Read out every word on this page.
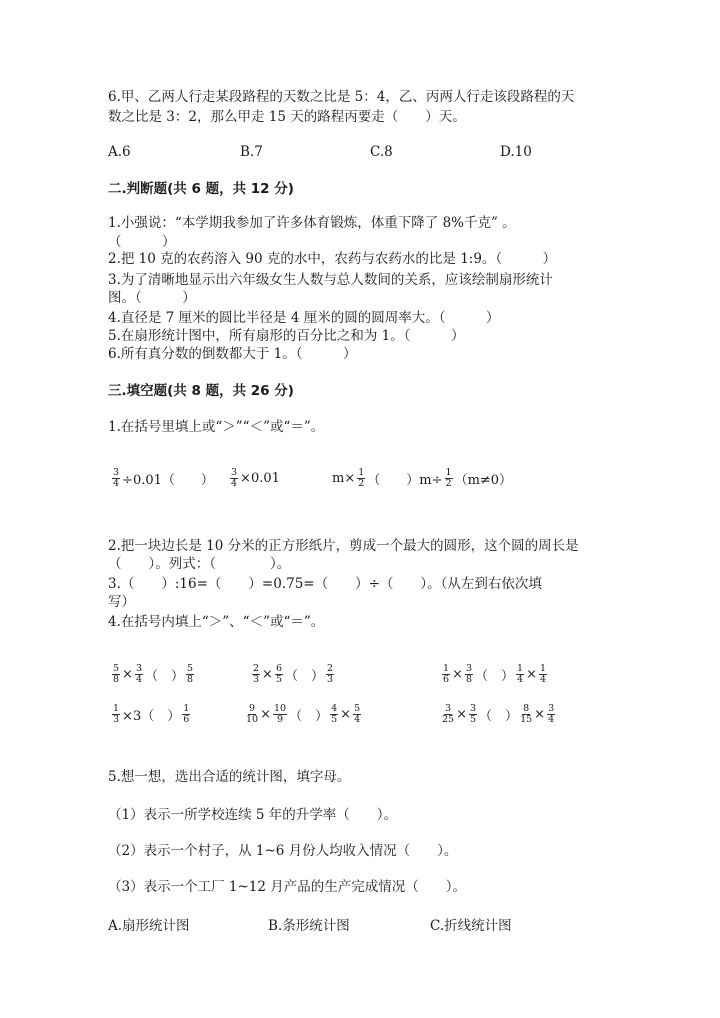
6.甲、乙两人行走某段路程的天数之比是 5：4，乙、丙两人行走该段路程的天
数之比是 3：2，那么甲走 15 天的路程丙要走（　　）天。
A.6	B.7	C.8	D.10
二.判断题(共 6 题，共 12 分)
1.小强说：“本学期我参加了许多体育锻炼，体重下降了 8%千克” 。
（　　　）
2.把 10 克的农药溶入 90 克的水中，农药与农药水的比是 1:9。（　　　）
3.为了清晰地显示出六年级女生人数与总人数间的关系，应该绘制扇形统计
图。（　　　）
4.直径是 7 厘米的圆比半径是 4 厘米的圆的圆周率大。（　　　）
5.在扇形统计图中，所有扇形的百分比之和为 1。（　　　）
6.所有真分数的倒数都大于 1。（　　　）
三.填空题(共 8 题，共 26 分)
1.在括号里填上或“＞”“＜”或“＝”。
$\frac{3}{4} \div 0.01$（　　） $\frac{3}{4} \times 0.01$	$m\times \frac{1}{2}$ （　　）$m\div \frac{1}{2} (m\ne 0)$
2.把一块边长是 10 分米的正方形纸片，剪成一个最大的圆形，这个圆的周长是
（　　）。列式：（　　　　）。
3.（　　）:16=（　　）=0.75=（　　）÷（　　）。（从左到右依次填
写）
4.在括号内填上“＞”、“＜”或“＝”。
$\frac{5}{8} \times \frac{3}{4}$ （　） $\frac{5}{8}$	$\frac{2}{3} \times \frac{6}{5}$ （　） $\frac{2}{3}$	$\frac{1}{6} \times \frac{3}{8}$ （　） $\frac{1}{4} \times \frac{1}{4}$
$\frac{1}{3} \times 3$（　） $\frac{1}{6}$	$\frac{9}{10} \times \frac{10}{9}$ （　） $\frac{4}{5} \times \frac{5}{4}$	$\frac{3}{25} \times \frac{3}{5}$ （　） $\frac{8}{15} \times \frac{3}{4}$
5.想一想，选出合适的统计图，填字母。
（1）表示一所学校连续 5 年的升学率（　　）。
（2）表示一个村子，从 1~6 月份人均收入情况（　　）。
（3）表示一个工厂 1~12 月产品的生产完成情况（　　）。
A.扇形统计图	B.条形统计图	C.折线统计图
